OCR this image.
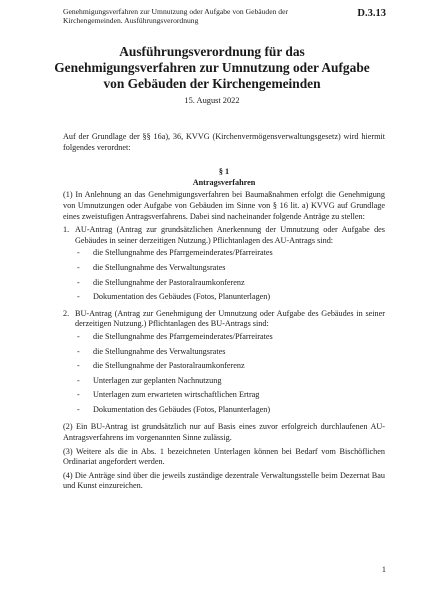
Genehmigungsverfahren zur Umnutzung oder Aufgabe von Gebäuden der Kirchengemeinden. Ausführungsverordnung
D.3.13
Ausführungsverordnung für das Genehmigungsverfahren zur Umnutzung oder Aufgabe von Gebäuden der Kirchengemeinden
15. August 2022

Auf der Grundlage der §§ 16a), 36, KVVG (Kirchenvermögensverwaltungsgesetz) wird hiermit folgendes verordnet:

§ 1

Antragsverfahren

(1) In Anlehnung an das Genehmigungsverfahren bei Baumaßnahmen erfolgt die Genehmigung von Umnutzungen oder Aufgabe von Gebäuden im Sinne von § 16 lit. a) KVVG auf Grundlage eines zweistufigen Antragsverfahrens. Dabei sind nacheinander folgende Anträge zu stellen:

1. AU-Antrag (Antrag zur grundsätzlichen Anerkennung der Umnutzung oder Aufgabe des Gebäudes in seiner derzeitigen Nutzung.) Pflichtanlagen des AU-Antrags sind:
- die Stellungnahme des Pfarrgemeinderates/Pfarreirates
- die Stellungnahme des Verwaltungsrates
- die Stellungnahme der Pastoralraumkonferenz
- Dokumentation des Gebäudes (Fotos, Planunterlagen)
2. BU-Antrag (Antrag zur Genehmigung der Umnutzung oder Aufgabe des Gebäudes in seiner derzeitigen Nutzung.) Pflichtanlagen des BU-Antrags sind:
- die Stellungnahme des Pfarrgemeinderates/Pfarreirates
- die Stellungnahme des Verwaltungsrates
- die Stellungnahme der Pastoralraumkonferenz
- Unterlagen zur geplanten Nachnutzung
- Unterlagen zum erwarteten wirtschaftlichen Ertrag
- Dokumentation des Gebäudes (Fotos, Planunterlagen)

(2) Ein BU-Antrag ist grundsätzlich nur auf Basis eines zuvor erfolgreich durchlaufenen AU-Antragsverfahrens im vorgenannten Sinne zulässig.

(3) Weitere als die in Abs. 1 bezeichneten Unterlagen können bei Bedarf vom Bischöflichen Ordinariat angefordert werden.

(4) Die Anträge sind über die jeweils zuständige dezentrale Verwaltungsstelle beim Dezernat Bau und Kunst einzureichen.

1
